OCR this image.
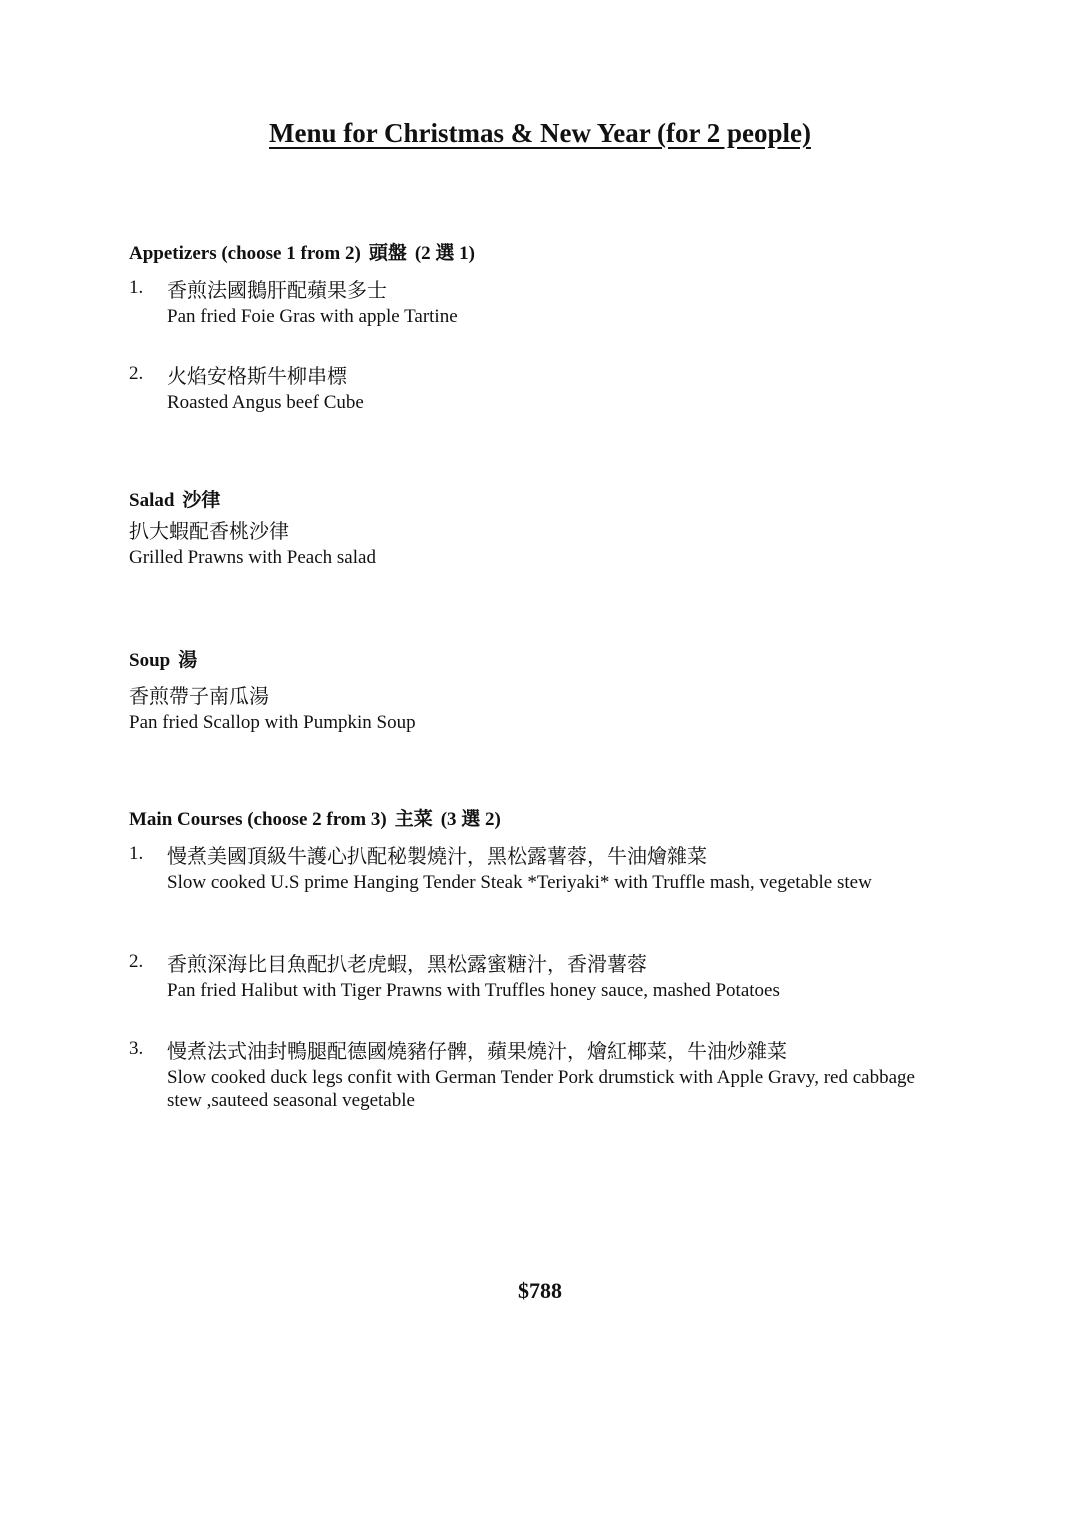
Menu for Christmas & New Year (for 2 people)
Appetizers (choose 1 from 2) 頭盤 (2 選 1)
1. 香煎法國鵝肝配蘋果多士
Pan fried Foie Gras with apple Tartine
2. 火焰安格斯牛柳串標
Roasted Angus beef Cube
Salad 沙律
扒大蝦配香桃沙律
Grilled Prawns with Peach salad
Soup 湯
香煎帶子南瓜湯
Pan fried Scallop with Pumpkin Soup
Main Courses (choose 2 from 3) 主菜 (3 選 2)
1. 慢煮美國頂級牛護心扒配秘製燒汁，黑松露薯蓉，牛油燴雜菜
Slow cooked U.S prime Hanging Tender Steak *Teriyaki* with Truffle mash, vegetable stew
2. 香煎深海比目魚配扒老虎蝦，黑松露蜜糖汁，香滑薯蓉
Pan fried Halibut with Tiger Prawns with Truffles honey sauce, mashed Potatoes
3. 慢煮法式油封鴨腿配德國燒豬仔髀，蘋果燒汁，燴紅椰菜，牛油炒雜菜
Slow cooked duck legs confit with German Tender Pork drumstick with Apple Gravy, red cabbage stew ,sauteed seasonal vegetable
$788
